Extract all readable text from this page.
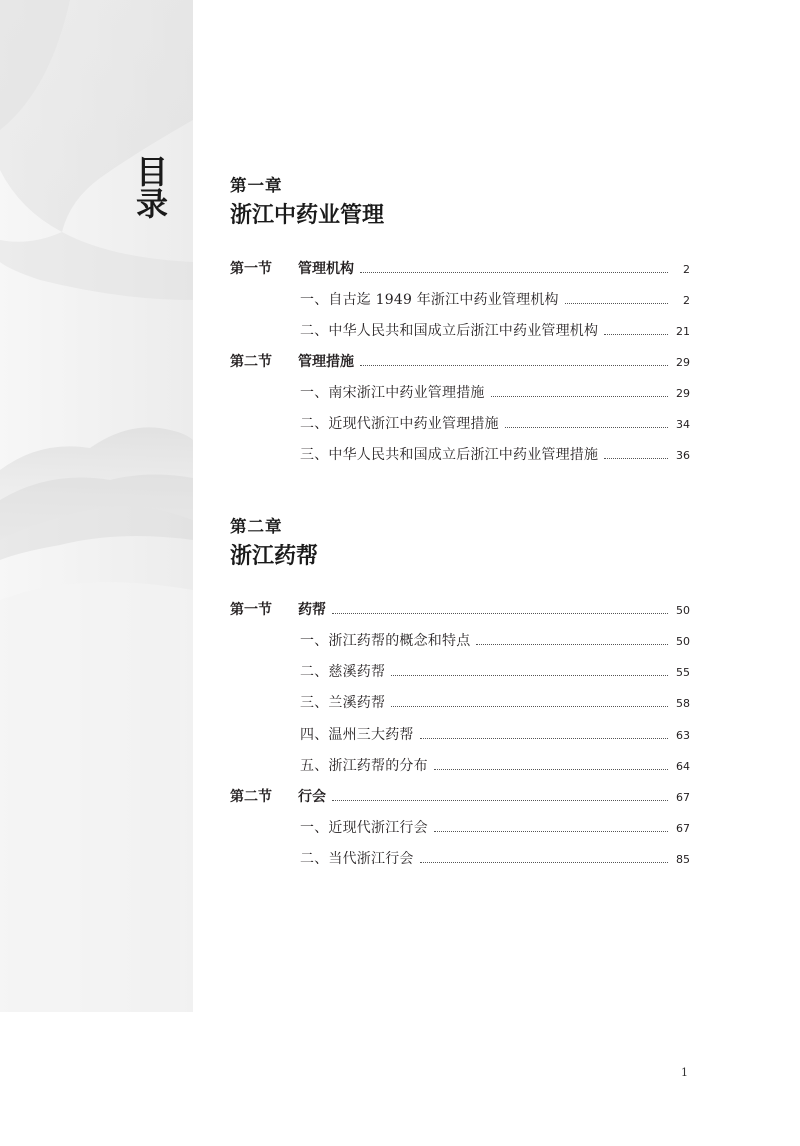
目
录	第一章
浙江中药业管理
第一节	管理机构	2
一、自古迄 1949 年浙江中药业管理机构	2
二、中华人民共和国成立后浙江中药业管理机构	21
第二节	管理措施	29
一、南宋浙江中药业管理措施	29
二、近现代浙江中药业管理措施	34
三、中华人民共和国成立后浙江中药业管理措施	36
第二章
浙江药帮
第一节	药帮	50
一、浙江药帮的概念和特点	50
二、慈溪药帮	55
三、兰溪药帮	58
四、温州三大药帮	63
五、浙江药帮的分布	64
第二节	行会	67
一、近现代浙江行会	67
二、当代浙江行会	85
1
